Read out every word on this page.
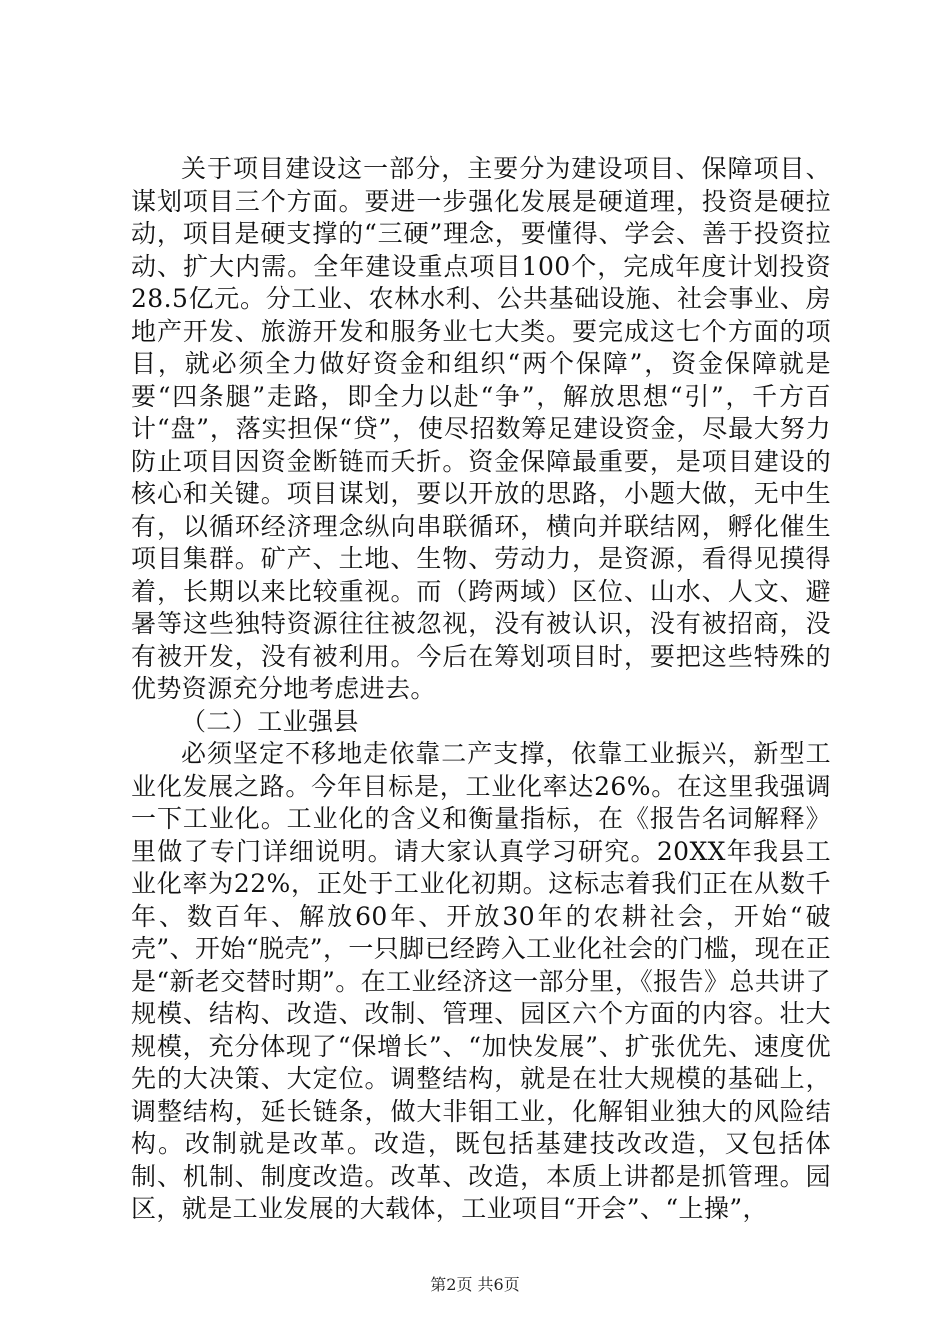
关于项目建设这一部分，主要分为建设项目、保障项目、谋划项目三个方面。要进一步强化发展是硬道理，投资是硬拉动，项目是硬支撑的“三硬”理念，要懂得、学会、善于投资拉动、扩大内需。全年建设重点项目100个，完成年度计划投资28.5亿元。分工业、农林水利、公共基础设施、社会事业、房地产开发、旅游开发和服务业七大类。要完成这七个方面的项目，就必须全力做好资金和组织“两个保障”，资金保障就是要“四条腿”走路，即全力以赴“争”，解放思想“引”，千方百计“盘”，落实担保“贷”，使尽招数筹足建设资金，尽最大努力防止项目因资金断链而夭折。资金保障最重要，是项目建设的核心和关键。项目谋划，要以开放的思路，小题大做，无中生有，以循环经济理念纵向串联循环，横向并联结网，孵化催生项目集群。矿产、土地、生物、劳动力，是资源，看得见摸得着，长期以来比较重视。而（跨两域）区位、山水、人文、避暑等这些独特资源往往被忽视，没有被认识，没有被招商，没有被开发，没有被利用。今后在筹划项目时，要把这些特殊的优势资源充分地考虑进去。

（二）工业强县

必须坚定不移地走依靠二产支撑，依靠工业振兴，新型工业化发展之路。今年目标是，工业化率达26%。在这里我强调一下工业化。工业化的含义和衡量指标，在《报告名词解释》里做了专门详细说明。请大家认真学习研究。20XX年我县工业化率为22%，正处于工业化初期。这标志着我们正在从数千年、数百年、解放60年、开放30年的农耕社会，开始“破壳”、开始“脱壳”，一只脚已经跨入工业化社会的门槛，现在正是“新老交替时期”。在工业经济这一部分里，《报告》总共讲了规模、结构、改造、改制、管理、园区六个方面的内容。壮大规模，充分体现了“保增长”、“加快发展”、扩张优先、速度优先的大决策、大定位。调整结构，就是在壮大规模的基础上，调整结构，延长链条，做大非钼工业，化解钼业独大的风险结构。改制就是改革。改造，既包括基建技改改造，又包括体制、机制、制度改造。改革、改造，本质上讲都是抓管理。园区，就是工业发展的大载体，工业项目“开会”、“上操”，

第2页 共6页
